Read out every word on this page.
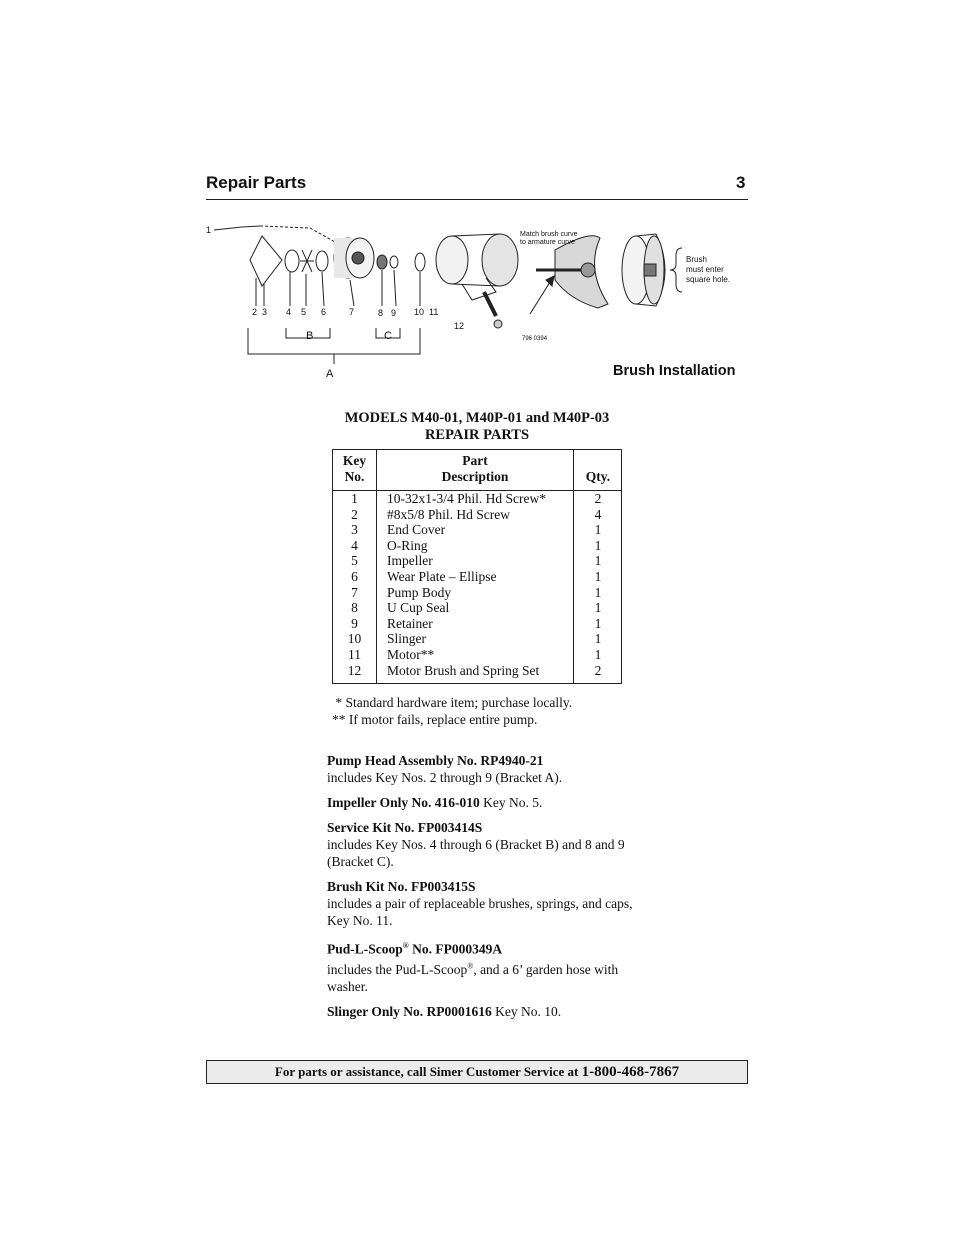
Repair Parts	3
1
2 3 4 5 6	7	8 9 10 11
12
B	C
A
Match brush curve
to armature curve
Brush
must enter
square hole.
796 0394
Brush Installation
MODELS M40-01, M40P-01 and M40P-03
REPAIR PARTS
Key
No.
Part
Description	Qty.
1	10-32x1-3/4 Phil. Hd Screw*	2
2	#8x5/8 Phil. Hd Screw	4
3	End Cover	1
4	O-Ring	1
5	Impeller	1
6	Wear Plate – Ellipse	1
7	Pump Body	1
8	U Cup Seal	1
9	Retainer	1
10	Slinger	1
11	Motor**	1
12	Motor Brush and Spring Set	2
* Standard hardware item; purchase locally.
** If motor fails, replace entire pump.
Pump Head Assembly No. RP4940-21
includes Key Nos. 2 through 9 (Bracket A).
Impeller Only No. 416-010 Key No. 5.
Service Kit No. FP003414S
includes Key Nos. 4 through 6 (Bracket B) and 8 and 9 (Bracket C).
Brush Kit No. FP003415S
includes a pair of replaceable brushes, springs, and caps, Key No. 11.
Pud-L-Scoop® No. FP000349A
includes the Pud-L-Scoop®, and a 6’ garden hose with washer.
Slinger Only No. RP0001616 Key No. 10.
For parts or assistance, call Simer Customer Service at 1-800-468-7867
